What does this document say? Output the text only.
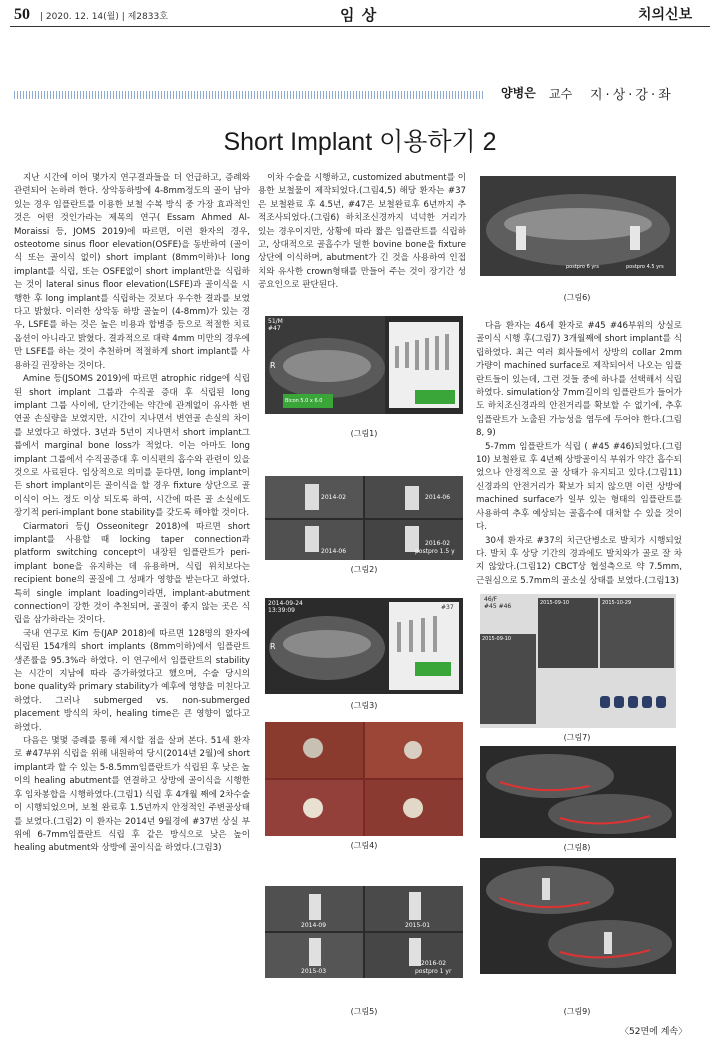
50 | 2020. 12. 14(월) | 제2833호	임 상	치의신보
양병은 교수 지·상·강·좌
Short Implant 이용하기 2

지난 시간에 이어 몇가지 연구결과들을 더 언급하고, 증례와 관련되어 논하려 한다. 상악동하방에 4-8mm정도의 골이 남아 있는 경우 임플란트를 이용한 보철 수복 방식 중 가장 효과적인 것은 어떤 것인가라는 제목의 연구( Essam Ahmed Al-Moraissi 등, JOMS 2019)에 따르면, 이런 환자의 경우, osteotome sinus floor elevation(OSFE)을 동반하여 (골이식 또는 골이식 없이) short implant (8mm이하)나 long implant를 식립, 또는 OSFE없이 short implant만을 식립하는 것이 lateral sinus floor elevation(LSFE)과 골이식을 시행한 후 long implant를 식립하는 것보다 우수한 결과를 보였다고 밝혔다. 이러한 상악동 하방 골높이 (4-8mm)가 있는 경우, LSFE를 하는 것은 높은 비용과 합병증 등으로 적절한 치료옵션이 아니라고 밝혔다. 결과적으로 대략 4mm 미만의 경우에만 LSFE를 하는 것이 추천하며 적절하게 short implant를 사용하길 권장하는 것이다.

Amine 등(JSOMS 2019)에 따르면 atrophic ridge에 식립된 short implant 그룹과 수직골 증대 후 식립된 long implant 그룹 사이에, 단기간에는 약간에 관계없이 유사한 변연골 손실량을 보였지만, 시간이 지나면서 변연골 손실의 차이를 보였다고 하였다. 3년과 5년이 지나면서 short implant그룹에서 marginal bone loss가 적었다. 이는 아마도 long implant 그룹에서 수직골증대 후 이식편의 흡수와 관련이 있을 것으로 사료된다. 임상적으로 의미를 둔다면, long implant이든 short implant이든 골이식을 할 경우 fixture 상단으로 골이식이 어느 정도 이상 되도록 하여, 시간에 따른 골 소실에도 장기적 peri-implant bone stability를 갖도록 해야할 것이다.

Ciarmatori 등(J Osseonitegr 2018)에 따르면 short implant를 사용할 때 locking taper connection과 platform switching concept이 내장된 임플란트가 peri-implant bone을 유지하는 데 유용하며, 식립 위치보다는 recipient bone의 골질에 그 성패가 영향을 받는다고 하였다. 특히 single implant loading이라면, implant-abutment connection이 강한 것이 추천되며, 골질이 좋지 않는 곳은 식립을 삼가하라는 것이다.

국내 연구로 Kim 등(JAP 2018)에 따르면 128명의 환자에 식립된 154개의 short implants (8mm이하)에서 임플란트 생존률을 95.3%라 하였다. 이 연구에서 임플란트의 stability는 시간이 지남에 따라 증가하였다고 했으며, 수술 당시의 bone quality와 primary stability가 예후에 영향을 미친다고 하였다. 그러나 submerged vs. non-submerged placement 방식의 차이, healing time은 큰 영향이 없다고 하였다.

다음은 몇몇 증례를 통해 제시할 점을 살펴 본다. 51세 환자로 #47부위 식립을 위해 내원하여 당시(2014년 2월)에 short implant과 할 수 있는 5-8.5mm임플란트가 식립된 후 낮은 높이의 healing abutment를 연결하고 상방에 골이식을 시행한 후 임차봉합을 시행하였다.(그림1) 식립 후 4개월 째에 2차수술이 시행되었으며, 보철 완료후 1.5년까지 안정적인 주변골상태를 보였다.(그림2) 이 환자는 2014년 9월경에 #37번 상실 부위에 6-7mm임플란트 식립 후 같은 방식으로 낮은 높이 healing abutment와 상방에 골이식을 하였다.(그림3)

이차 수술을 시행하고, customized abutment를 이용한 보철물이 제작되었다.(그림4,5) 해당 환자는 #37은 보철완료 후 4.5년, #47은 보철완료후 6년까지 추적조사되었다.(그림6) 하치조신경까지 넉넉한 거리가 있는 경우이지만, 상황에 따라 짧은 임플란트를 식립하고, 상대적으로 골흡수가 덜한 bovine bone을 fixture상단에 이식하며, abutment가 긴 것을 사용하여 인접치와 유사한 crown형태를 만들어 주는 것이 장기간 성공요인으로 판단된다.

51/M
#47
R
Bicon 5.0 x 6.0
(그림1)
2014-02	2014-06
2014-06
2016-02
postpro 1.5 y
(그림2)
2014-09-24
13:39:09	#37
R
(그림3)
(그림4)
2014-09	2015-01
2015-03
2016-02
postpro 1 yr
(그림5)
postpro 6 yrs	postpro 4.5 yrs
(그림6)

다음 환자는 46세 환자로 #45 #46부위의 상실로 골이식 시행 후(그림7) 3개월째에 short implant를 식립하였다. 최근 여러 회사들에서 상방의 collar 2mm가량이 machined surface로 제작되어서 나오는 임플란트들이 있는데, 그런 것들 중에 하나를 선택해서 식립하였다. simulation상 7mm길이의 임플란트가 들어가도 하치조신경과의 안전거리를 확보할 수 없기에, 추후 임플란트가 노출된 가능성을 염두에 두어야 한다.(그림8, 9)

5-7mm 임플란트가 식립 ( #45 #46)되었다.(그림10) 보철완료 후 4년째 상방골이식 부위가 약간 흡수되었으나 안정적으로 골 상태가 유지되고 있다.(그림11) 신경과의 안전거리가 확보가 되지 않으면 이런 상방에 machined surface가 일부 있는 형태의 임플란트를 사용하여 추후 예상되는 골흡수에 대처할 수 있을 것이다.

30세 환자로 #37의 치근단병소로 발치가 시행되었다. 발치 후 상당 기간의 경과에도 발치와가 골로 잘 차지 않았다.(그림12) CBCT상 협설측으로 약 7.5mm, 근원심으로 5.7mm의 골소실 상태를 보였다.(그림13)

46/F
#45 #46
2015-09-10
2015-09-10	2015-10-29
(그림7)
(그림8)
(그림9)
〈52면에 계속〉
